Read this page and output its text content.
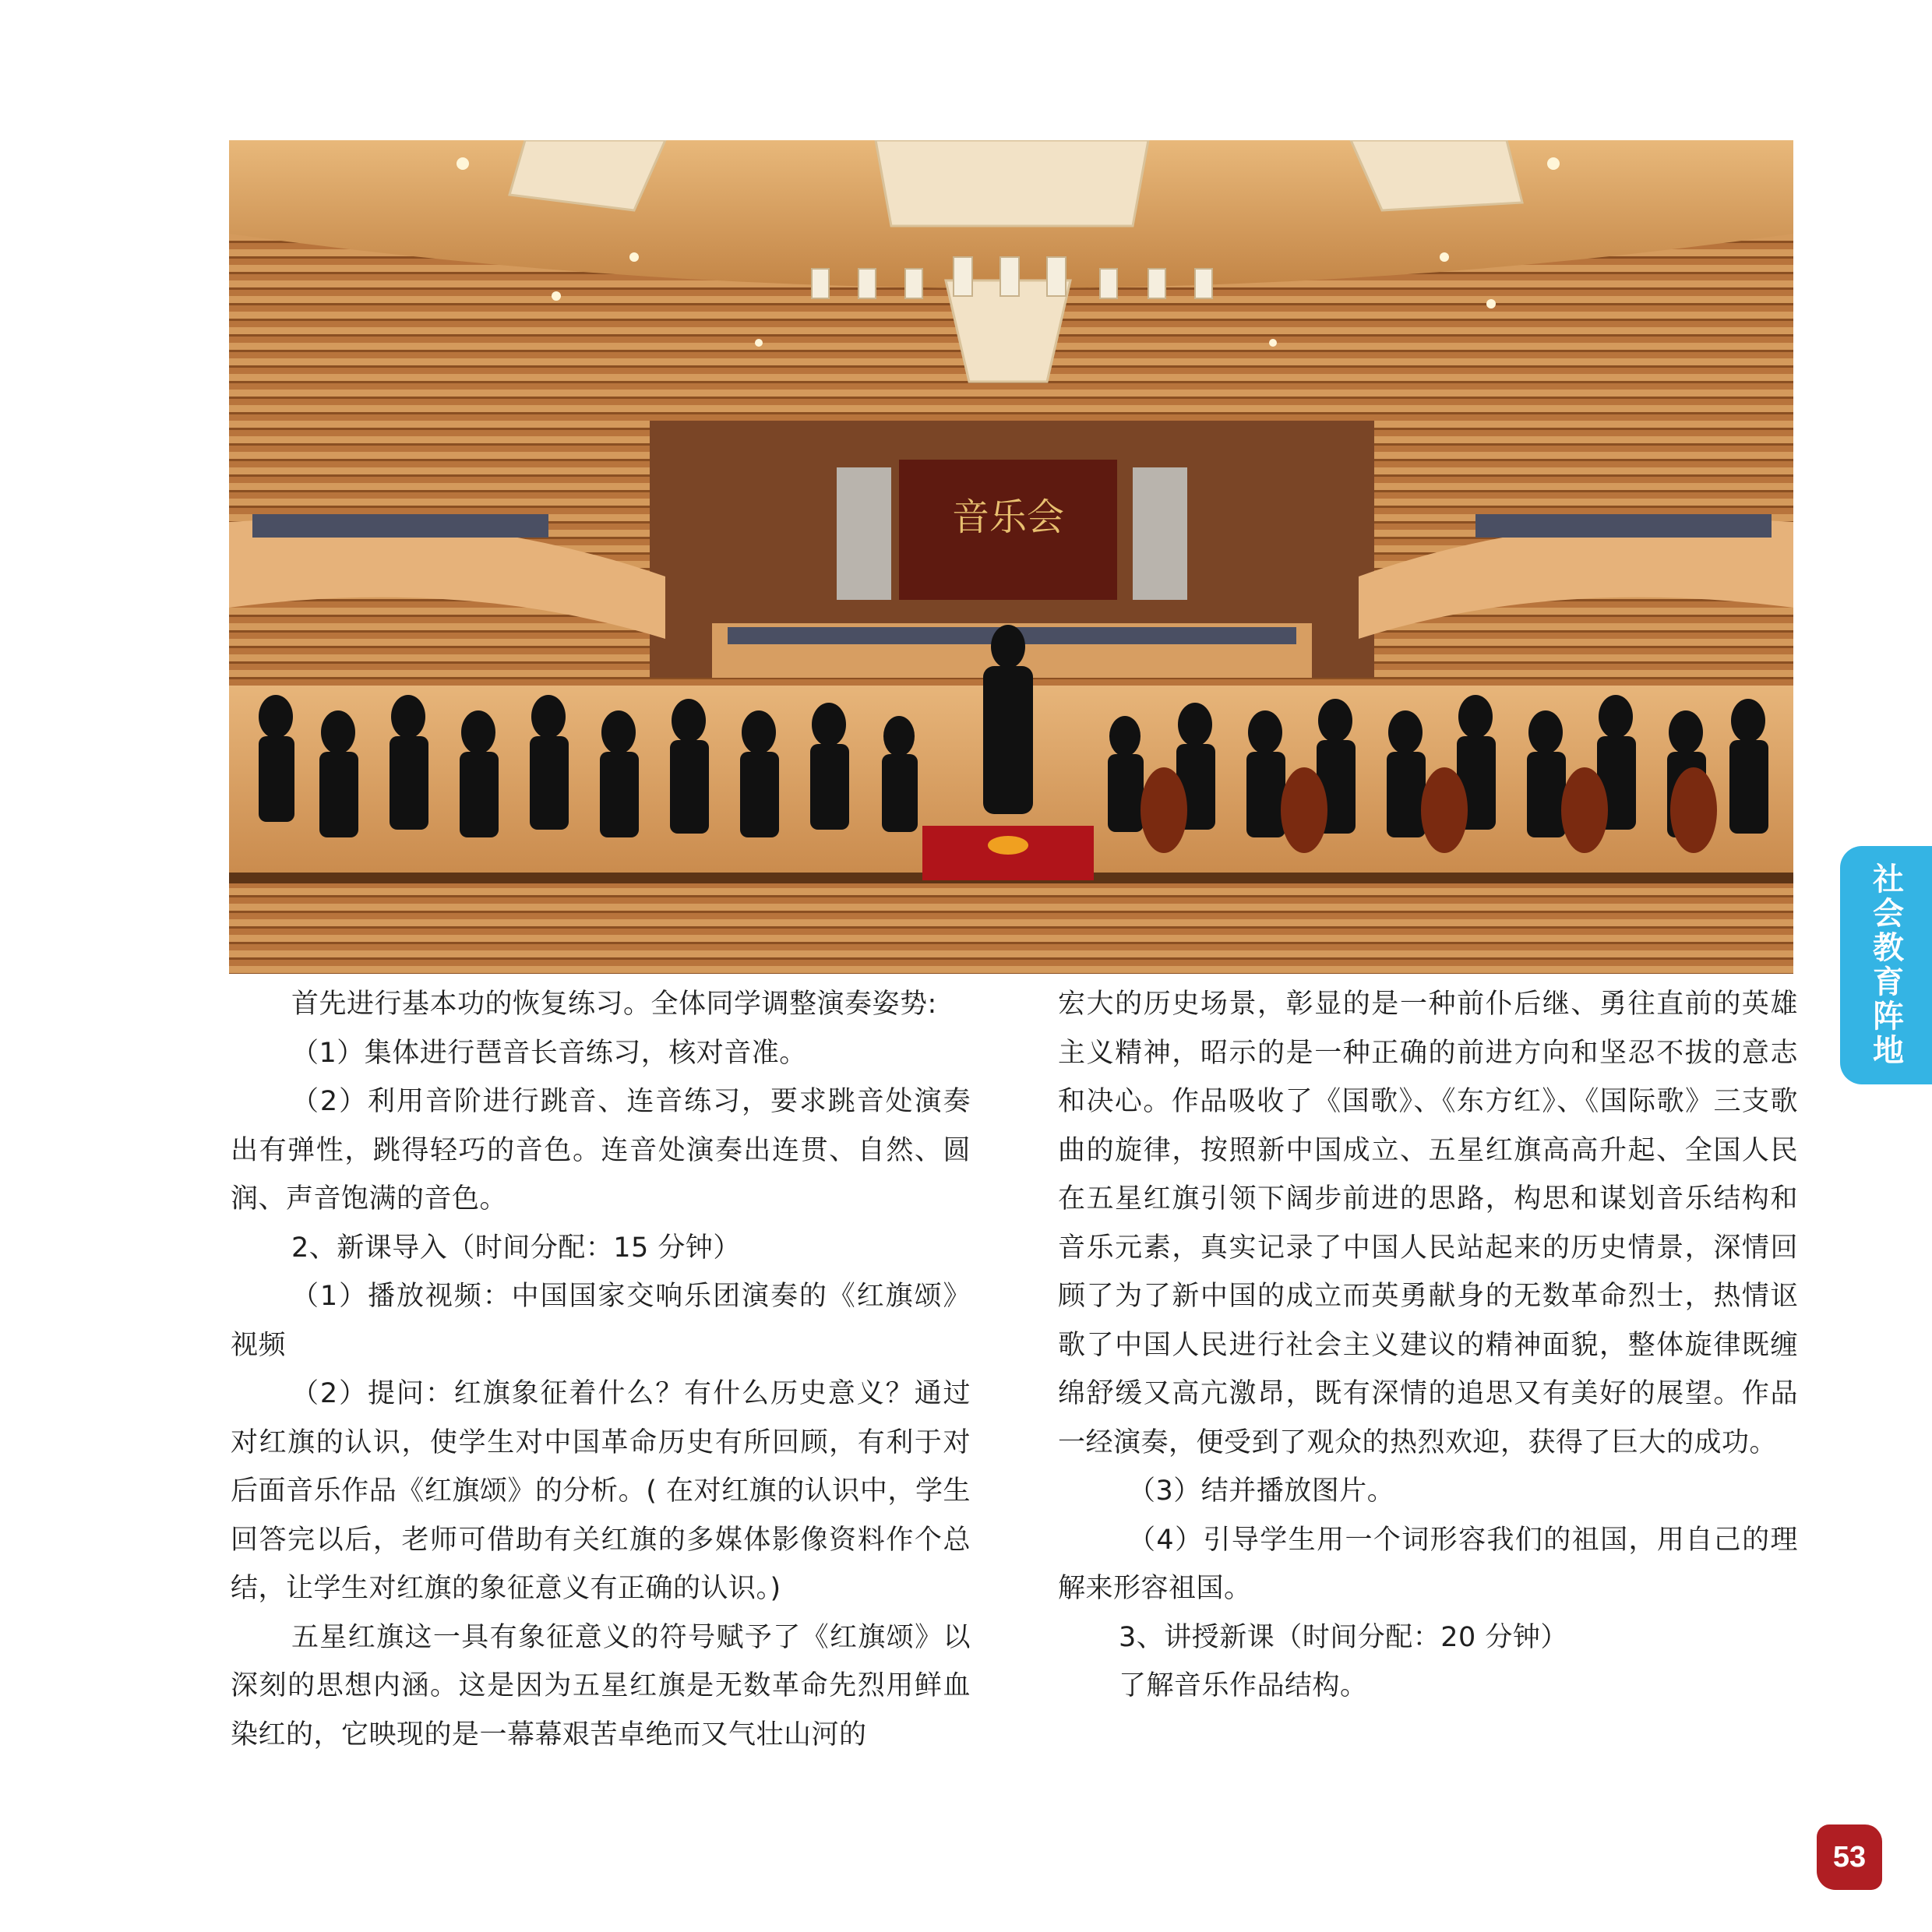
音乐会

首先进行基本功的恢复练习。全体同学调整演奏姿势:

（1）集体进行琶音长音练习，核对音准。

（2）利用音阶进行跳音、连音练习，要求跳音处演奏出有弹性，跳得轻巧的音色。连音处演奏出连贯、自然、圆润、声音饱满的音色。

2、新课导入（时间分配：15 分钟）

（1）播放视频：中国国家交响乐团演奏的《红旗颂》视频

（2）提问：红旗象征着什么？有什么历史意义？通过对红旗的认识，使学生对中国革命历史有所回顾，有利于对后面音乐作品《红旗颂》的分析。( 在对红旗的认识中，学生回答完以后，老师可借助有关红旗的多媒体影像资料作个总结，让学生对红旗的象征意义有正确的认识。)

五星红旗这一具有象征意义的符号赋予了《红旗颂》以深刻的思想内涵。这是因为五星红旗是无数革命先烈用鲜血染红的，它映现的是一幕幕艰苦卓绝而又气壮山河的

宏大的历史场景，彰显的是一种前仆后继、勇往直前的英雄主义精神，昭示的是一种正确的前进方向和坚忍不拔的意志和决心。作品吸收了《国歌》、《东方红》、《国际歌》三支歌曲的旋律，按照新中国成立、五星红旗高高升起、全国人民在五星红旗引领下阔步前进的思路，构思和谋划音乐结构和音乐元素，真实记录了中国人民站起来的历史情景，深情回顾了为了新中国的成立而英勇献身的无数革命烈士，热情讴歌了中国人民进行社会主义建议的精神面貌，整体旋律既缠绵舒缓又高亢激昂，既有深情的追思又有美好的展望。作品一经演奏，便受到了观众的热烈欢迎，获得了巨大的成功。

（3）结并播放图片。

（4）引导学生用一个词形容我们的祖国，用自己的理解来形容祖国。

3、讲授新课（时间分配：20 分钟）

了解音乐作品结构。

社会教育阵地
53
